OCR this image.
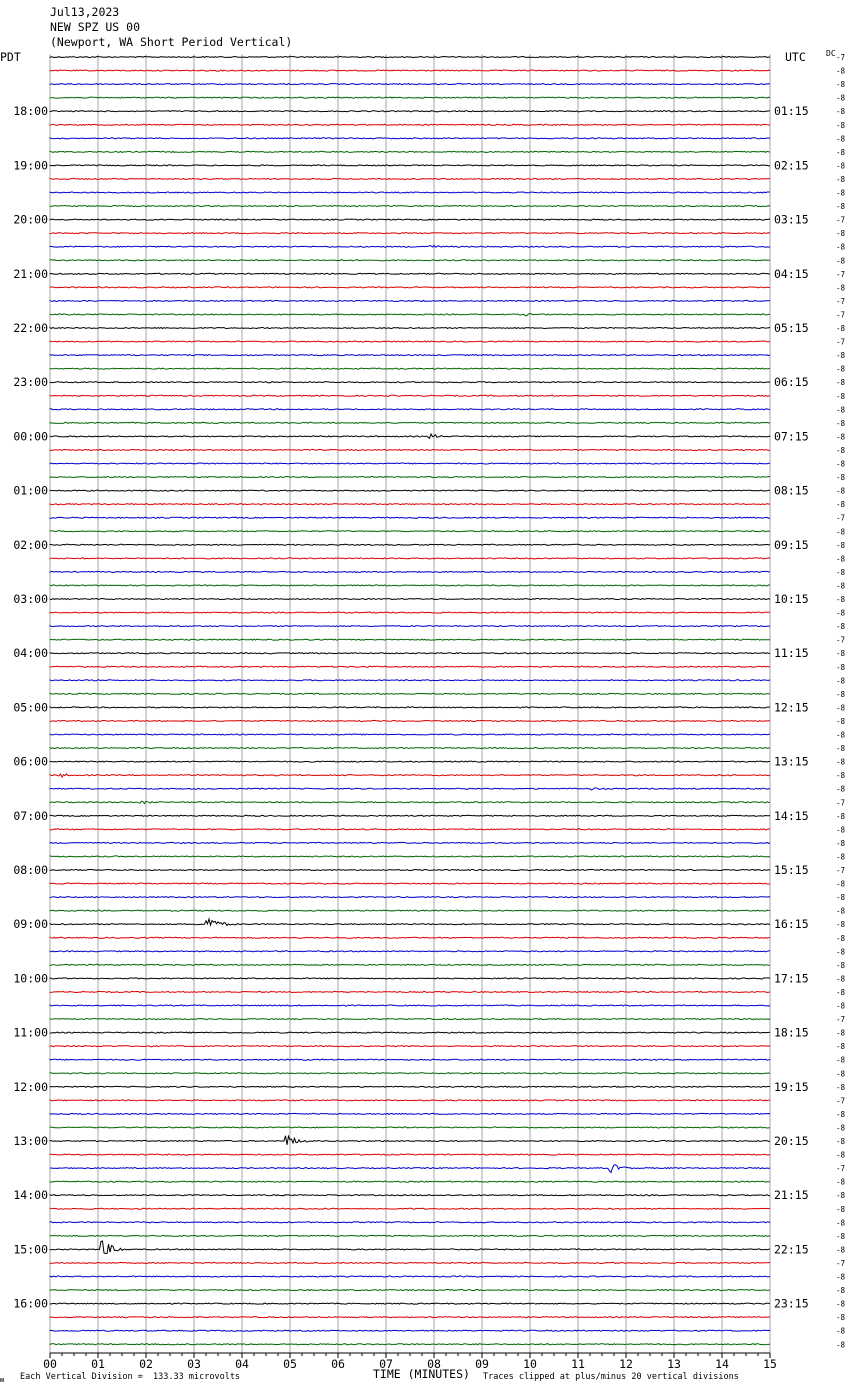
Jul13,2023
NEW SPZ US 00
(Newport, WA Short Period Vertical)
PDT	UTC	DC -7
-8
-8
-8
-8
-8
-8
-8
-8
-8
-8
-8
-7
-8
-8
-8
-7
-8
-7
-7
-8
-7
-8
-8
-8
-8
-8
-8
-8
-8
-8
-8
-8
-8
-7
-8
-8
-8
-8
-8
-8
-8
-8
-7
-8
-8
-8
-8
-8
-8
-8
-8
-8
-8
-8
-7
-8
-8
-8
-8
-7
-8
-8
-8
-8
-8
-8
-8
-8
-8
-8
-7
-8
-8
-8
-8
-8
-7
-8
-8
-8
-8
-7
-8
-8
-8
-8
-8
-8
-7
-8
-8
-8
-8
-8
-8
18:00	01:15
19:00	02:15
20:00	03:15
21:00	04:15
22:00	05:15
23:00	06:15
00:00	07:15
01:00	08:15
02:00	09:15
03:00	10:15
04:00	11:15
05:00	12:15
06:00	13:15
07:00	14:15
08:00	15:15
09:00	16:15
10:00	17:15
11:00	18:15
12:00	19:15
13:00	20:15
14:00	21:15
15:00	22:15
16:00	23:15
00	01	02	03	04	05	06	07	08	09	10	11	12	13	14	15
TIME (MINUTES)
ᴍ Each Vertical Division =  133.33 microvolts	Traces clipped at plus/minus 20 vertical divisions
